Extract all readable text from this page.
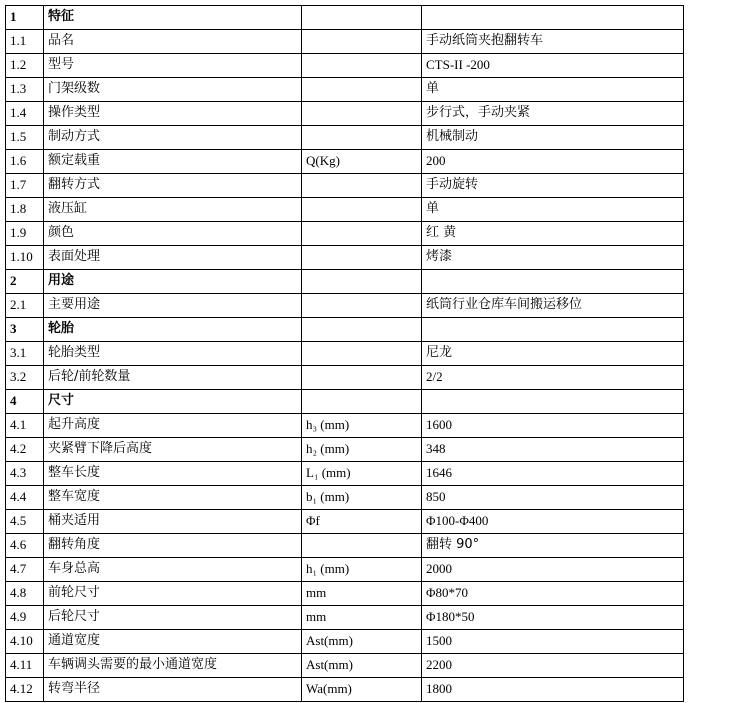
1	特征		
1.1	品名		手动纸筒夹抱翻转车
1.2	型号		CTS-II -200
1.3	门架级数		单
1.4	操作类型		步行式，手动夹紧
1.5	制动方式		机械制动
1.6	额定载重	Q(Kg)	200
1.7	翻转方式		手动旋转
1.8	液压缸		单
1.9	颜色		红 黄
1.10	表面处理		烤漆
2	用途		
2.1	主要用途		纸筒行业仓库车间搬运移位
3	轮胎		
3.1	轮胎类型		尼龙
3.2	后轮/前轮数量		2/2
4	尺寸		
4.1	起升高度	h₃ (mm)	1600
4.2	夹紧臂下降后高度	h₂ (mm)	348
4.3	整车长度	L₁ (mm)	1646
4.4	整车宽度	b₁ (mm)	850
4.5	桶夹适用	Φf	Φ100-Φ400
4.6	翻转角度		翻转 90°
4.7	车身总高	h₁ (mm)	2000
4.8	前轮尺寸	mm	Φ80*70
4.9	后轮尺寸	mm	Φ180*50
4.10	通道宽度	Ast(mm)	1500
4.11	车辆调头需要的最小通道宽度	Ast(mm)	2200
4.12	转弯半径	Wa(mm)	1800
